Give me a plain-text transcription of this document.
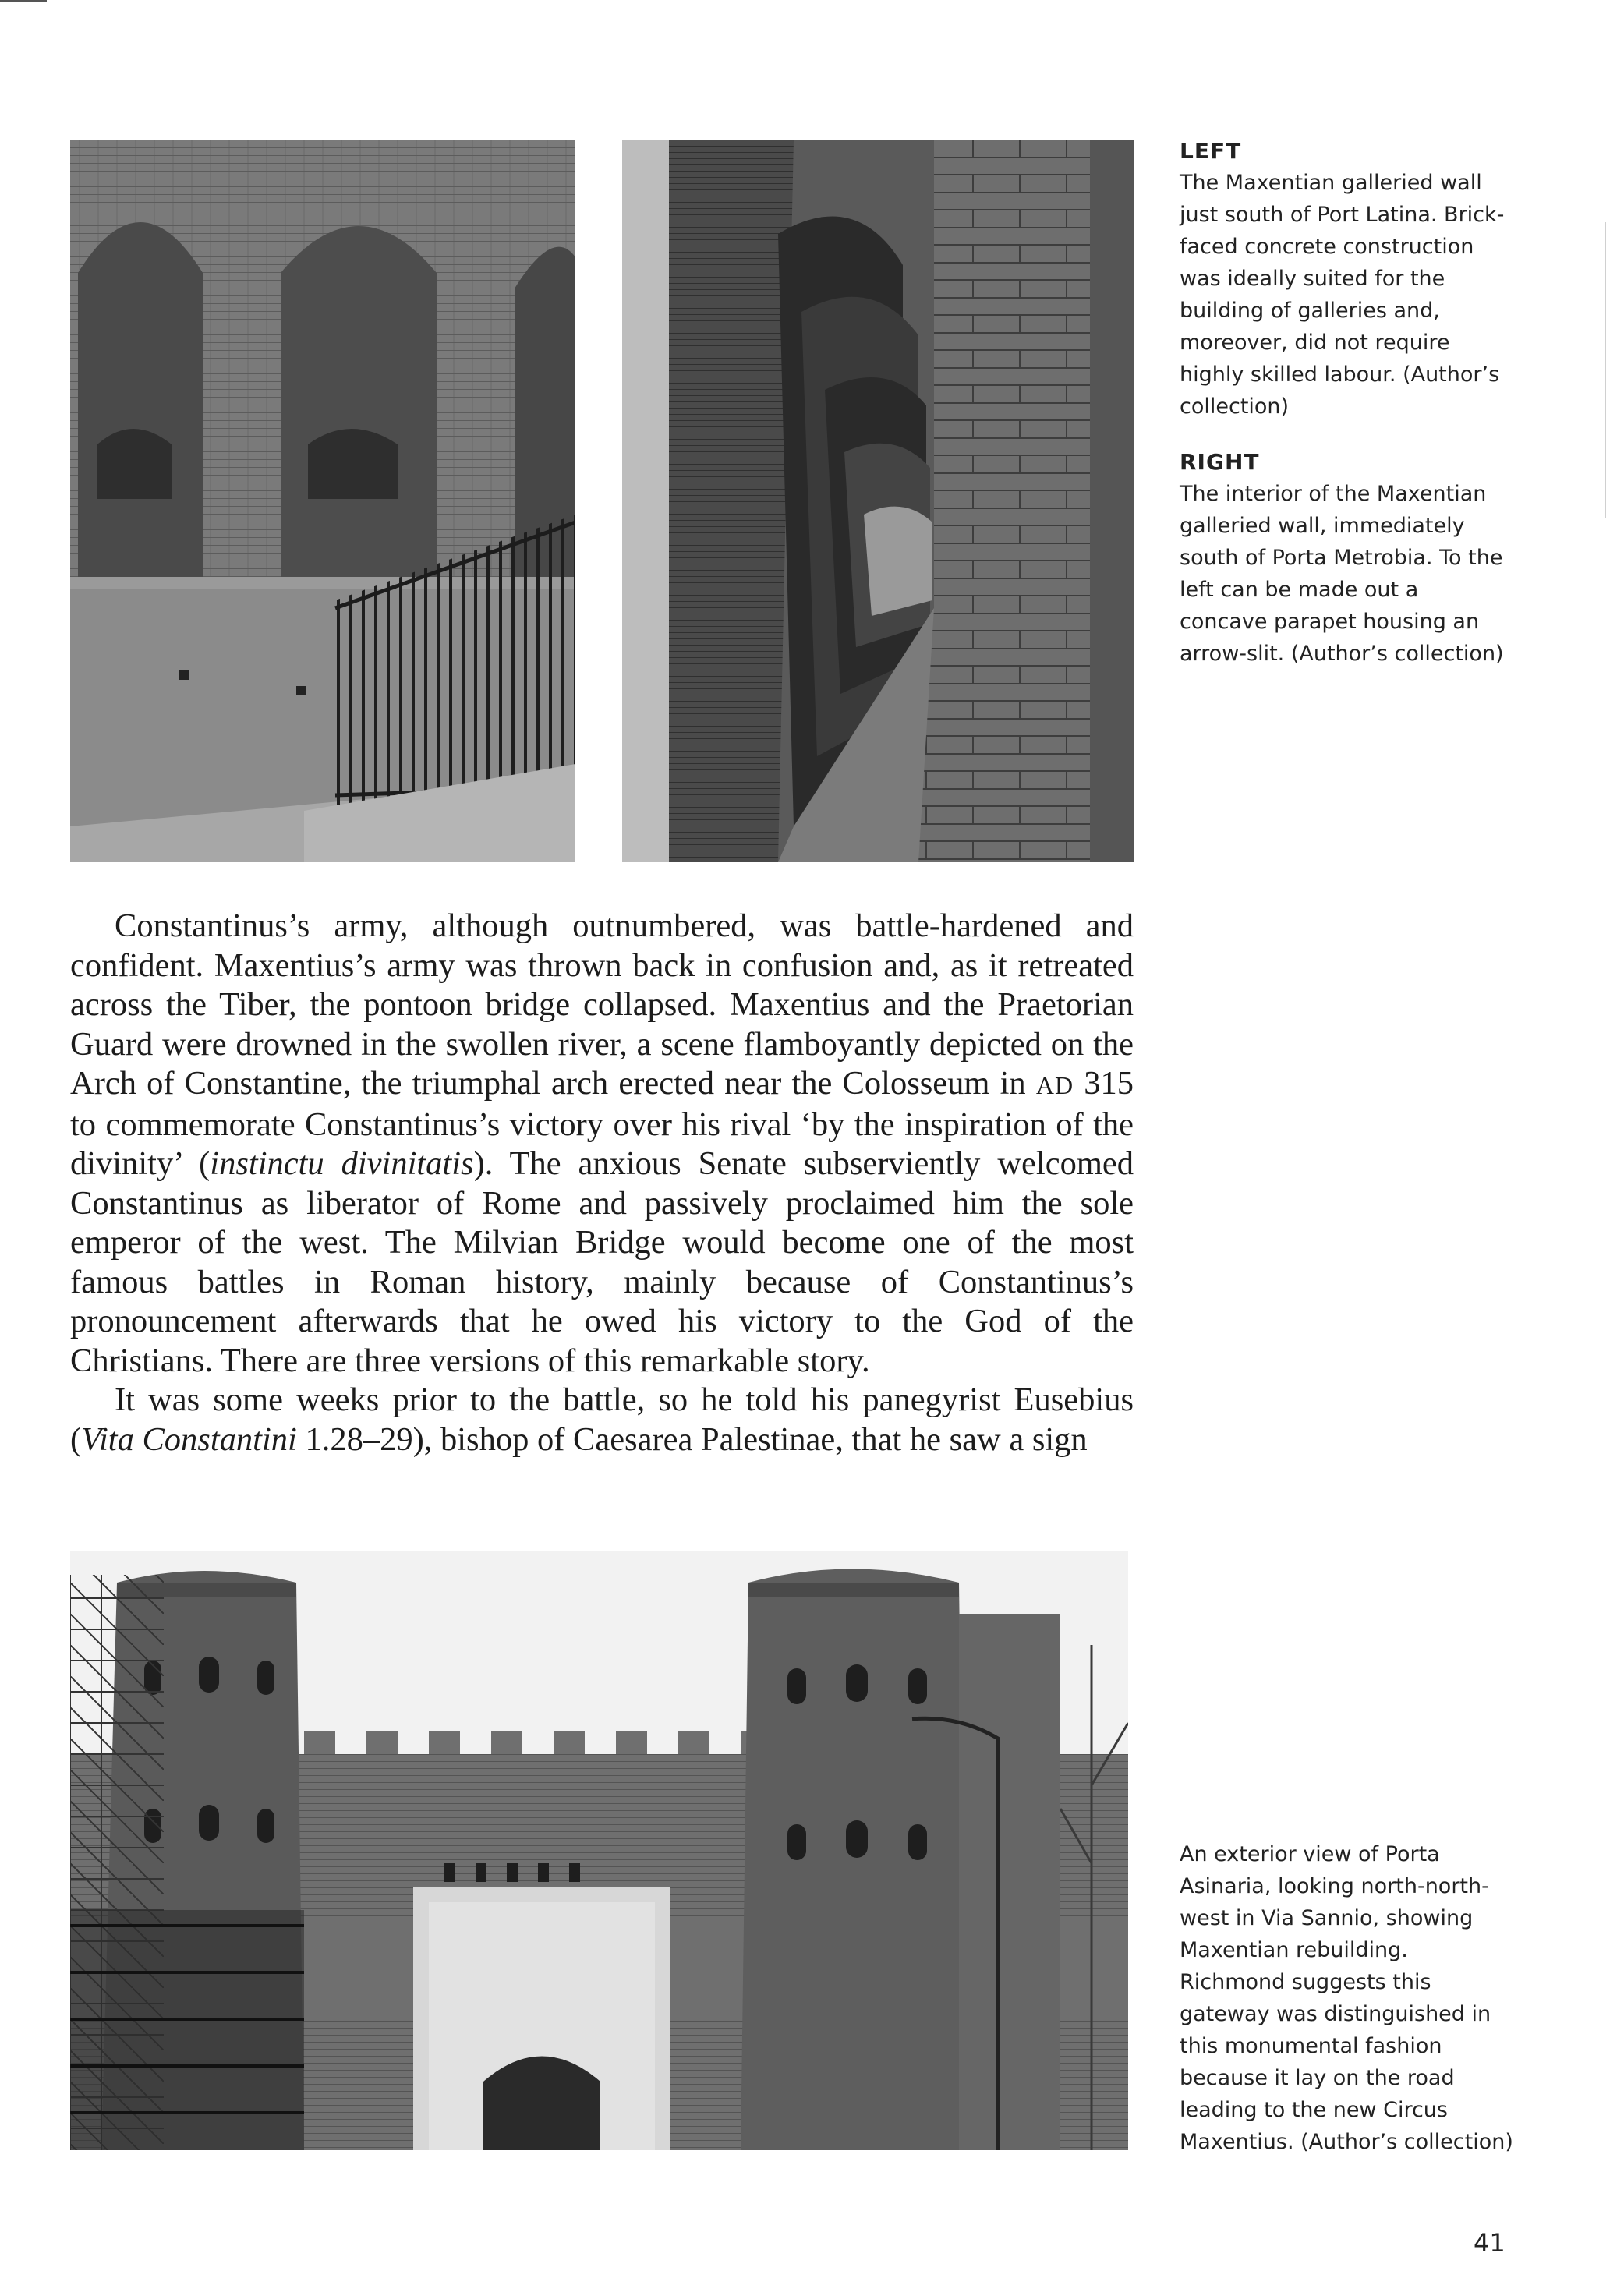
LEFT
The Maxentian galleried wall just south of Port Latina. Brick-faced concrete construction was ideally suited for the building of galleries and, moreover, did not require highly skilled labour. (Author’s collection)
RIGHT
The interior of the Maxentian galleried wall, immediately south of Porta Metrobia. To the left can be made out a concave parapet housing an arrow-slit. (Author’s collection)

Constantinus’s army, although outnumbered, was battle-hardened and confident. Maxentius’s army was thrown back in confusion and, as it retreated across the Tiber, the pontoon bridge collapsed. Maxentius and the Praetorian Guard were drowned in the swollen river, a scene flamboyantly depicted on the Arch of Constantine, the triumphal arch erected near the Colosseum in AD 315 to commemorate Constantinus’s victory over his rival ‘by the inspiration of the divinity’ (instinctu divinitatis). The anxious Senate subserviently welcomed Constantinus as liberator of Rome and passively proclaimed him the sole emperor of the west. The Milvian Bridge would become one of the most famous battles in Roman history, mainly because of Constantinus’s pronouncement afterwards that he owed his victory to the God of the Christians. There are three versions of this remarkable story.

It was some weeks prior to the battle, so he told his panegyrist Eusebius (Vita Constantini 1.28–29), bishop of Caesarea Palestinae, that he saw a sign

An exterior view of Porta Asinaria, looking north-north-west in Via Sannio, showing Maxentian rebuilding. Richmond suggests this gateway was distinguished in this monumental fashion because it lay on the road leading to the new Circus Maxentius. (Author’s collection)
41
